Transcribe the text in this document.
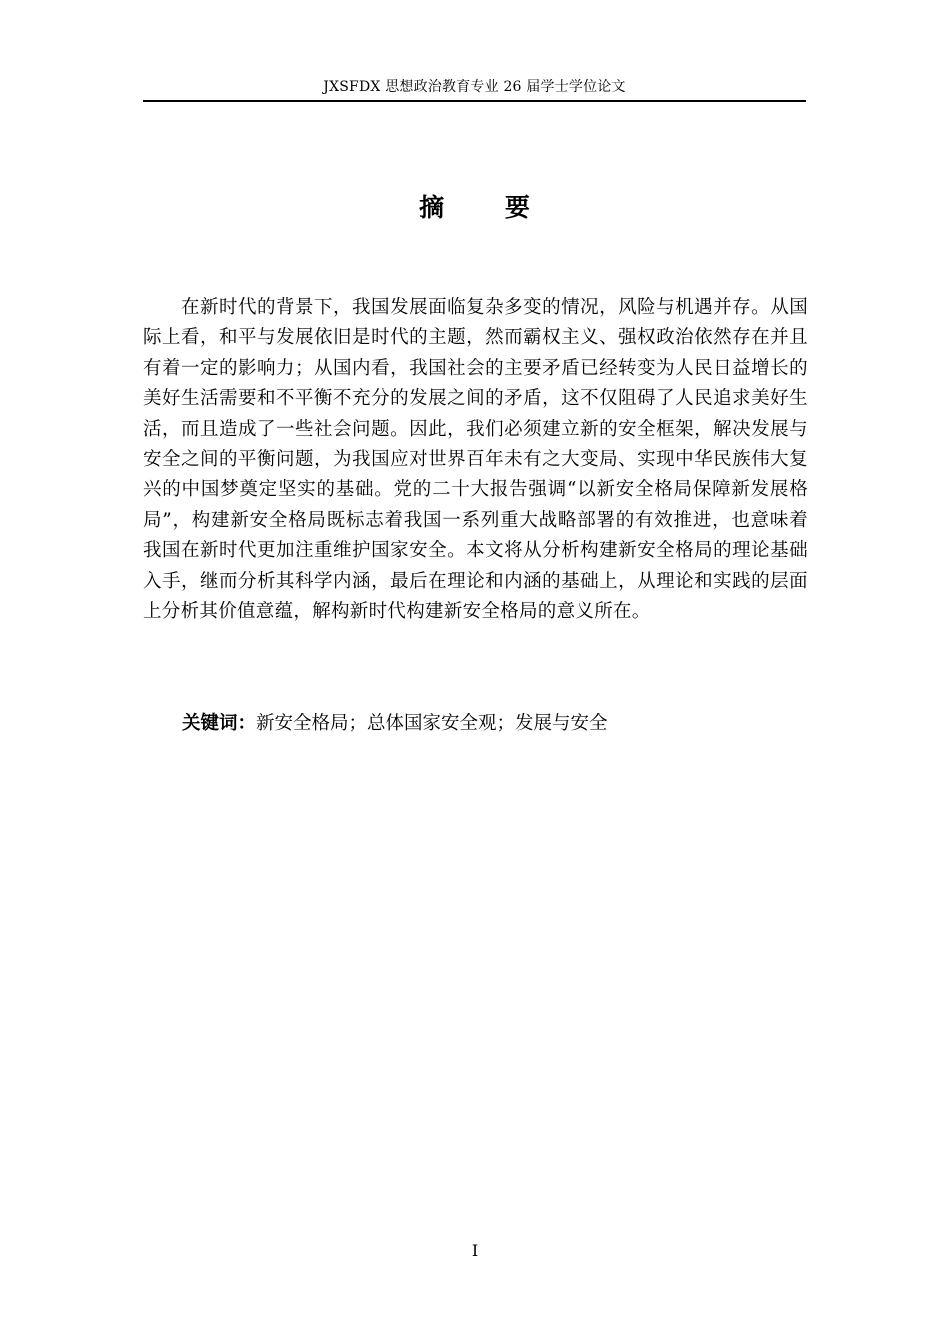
JXSFDX 思想政治教育专业 26 届学士学位论文
摘 要

在新时代的背景下，我国发展面临复杂多变的情况，风险与机遇并存。从国际上看，和平与发展依旧是时代的主题，然而霸权主义、强权政治依然存在并且有着一定的影响力；从国内看，我国社会的主要矛盾已经转变为人民日益增长的美好生活需要和不平衡不充分的发展之间的矛盾，这不仅阻碍了人民追求美好生活，而且造成了一些社会问题。因此，我们必须建立新的安全框架，解决发展与安全之间的平衡问题，为我国应对世界百年未有之大变局、实现中华民族伟大复兴的中国梦奠定坚实的基础。党的二十大报告强调“以新安全格局保障新发展格局”，构建新安全格局既标志着我国一系列重大战略部署的有效推进，也意味着我国在新时代更加注重维护国家安全。本文将从分析构建新安全格局的理论基础入手，继而分析其科学内涵，最后在理论和内涵的基础上，从理论和实践的层面上分析其价值意蕴，解构新时代构建新安全格局的意义所在。

关键词：新安全格局；总体国家安全观；发展与安全
I
